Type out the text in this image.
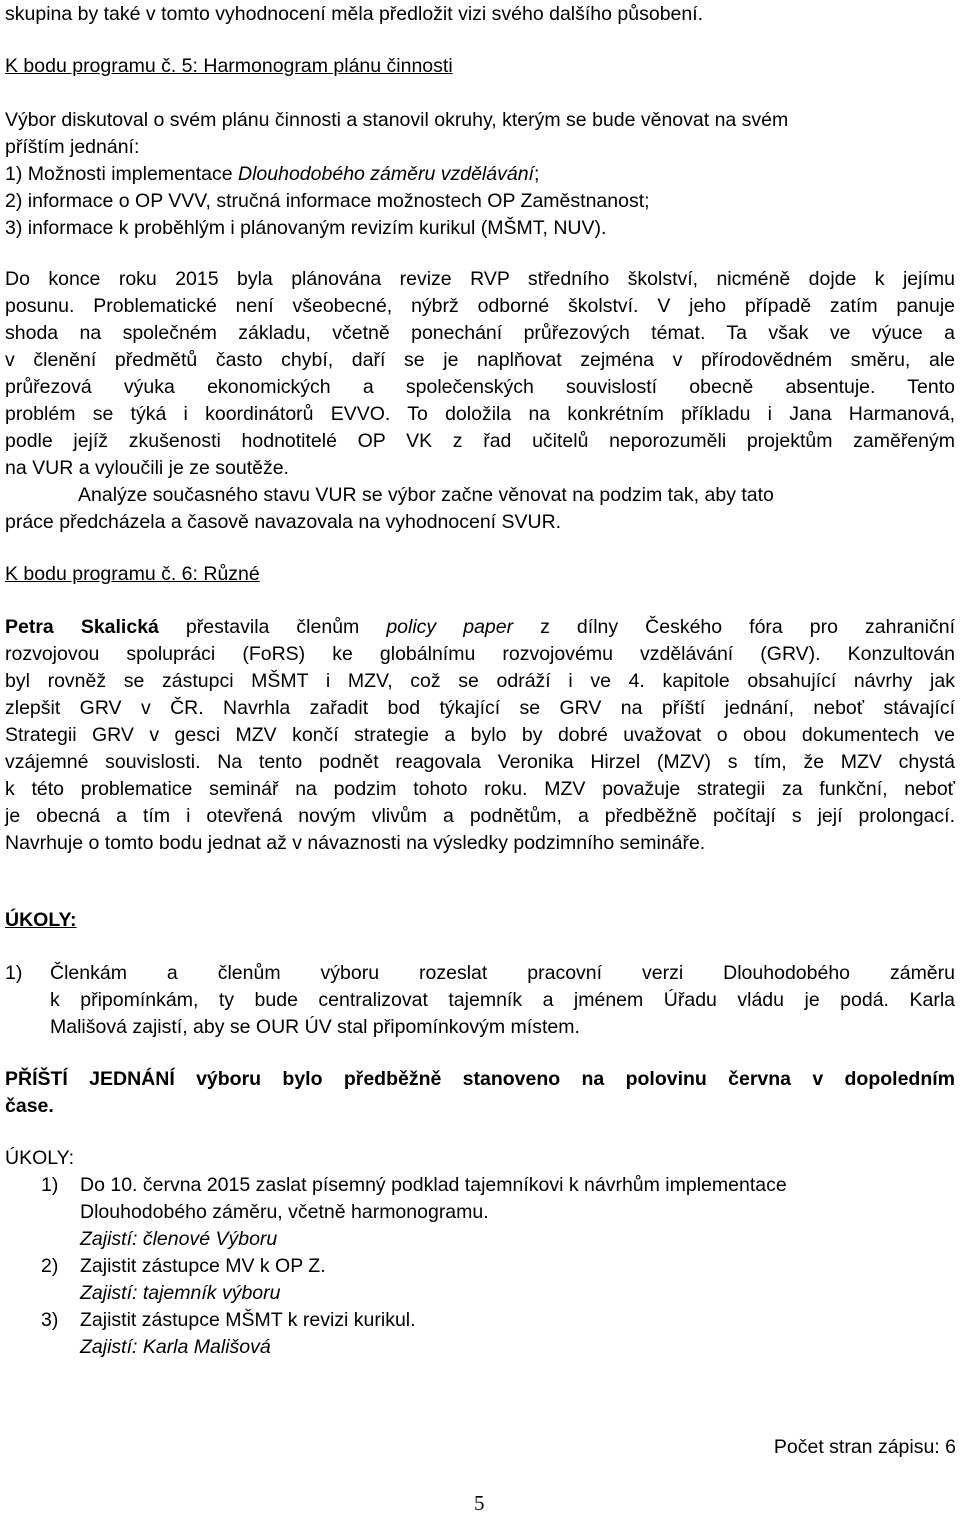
skupina by také v tomto vyhodnocení měla předložit vizi svého dalšího působení.
K bodu programu č. 5: Harmonogram plánu činnosti
Výbor diskutoval o svém plánu činnosti a stanovil okruhy, kterým se bude věnovat na svém
příštím jednání:
1) Možnosti implementace Dlouhodobého záměru vzdělávání;
2) informace o OP VVV, stručná informace možnostech OP Zaměstnanost;
3) informace k proběhlým i plánovaným revizím kurikul (MŠMT, NUV).
Do konce roku 2015 byla plánována revize RVP středního školství, nicméně dojde k jejímu
posunu. Problematické není všeobecné, nýbrž odborné školství. V jeho případě zatím panuje
shoda na společném základu, včetně ponechání průřezových témat. Ta však ve výuce a
v členění předmětů často chybí, daří se je naplňovat zejména v přírodovědném směru, ale
průřezová výuka ekonomických a společenských souvislostí obecně absentuje. Tento
problém se týká i koordinátorů EVVO. To doložila na konkrétním příkladu i Jana Harmanová,
podle jejíž zkušenosti hodnotitelé OP VK z řad učitelů neporozuměli projektům zaměřeným
na VUR a vyloučili je ze soutěže.
Analýze současného stavu VUR se výbor začne věnovat na podzim tak, aby tato
práce předcházela a časově navazovala na vyhodnocení SVUR.
K bodu programu č. 6: Různé
Petra Skalická přestavila členům policy paper z dílny Českého fóra pro zahraniční
rozvojovou spolupráci (FoRS) ke globálnímu rozvojovému vzdělávání (GRV). Konzultován
byl rovněž se zástupci MŠMT i MZV, což se odráží i ve 4. kapitole obsahující návrhy jak
zlepšit GRV v ČR. Navrhla zařadit bod týkající se GRV na příští jednání, neboť stávající
Strategii GRV v gesci MZV končí strategie a bylo by dobré uvažovat o obou dokumentech ve
vzájemné souvislosti. Na tento podnět reagovala Veronika Hirzel (MZV) s tím, že MZV chystá
k této problematice seminář na podzim tohoto roku. MZV považuje strategii za funkční, neboť
je obecná a tím i otevřená novým vlivům a podnětům, a předběžně počítají s její prolongací.
Navrhuje o tomto bodu jednat až v návaznosti na výsledky podzimního semináře.
ÚKOLY:
1) Členkám a členům výboru rozeslat pracovní verzi Dlouhodobého záměru
k připomínkám, ty bude centralizovat tajemník a jménem Úřadu vládu je podá. Karla
Mališová zajistí, aby se OUR ÚV stal připomínkovým místem.
PŘÍŠTÍ JEDNÁNÍ výboru bylo předběžně stanoveno na polovinu června v dopoledním
čase.
ÚKOLY:
1) Do 10. června 2015 zaslat písemný podklad tajemníkovi k návrhům implementace
Dlouhodobého záměru, včetně harmonogramu.
Zajistí: členové Výboru
2) Zajistit zástupce MV k OP Z.
Zajistí: tajemník výboru
3) Zajistit zástupce MŠMT k revizi kurikul.
Zajistí: Karla Mališová
Počet stran zápisu: 6
5
